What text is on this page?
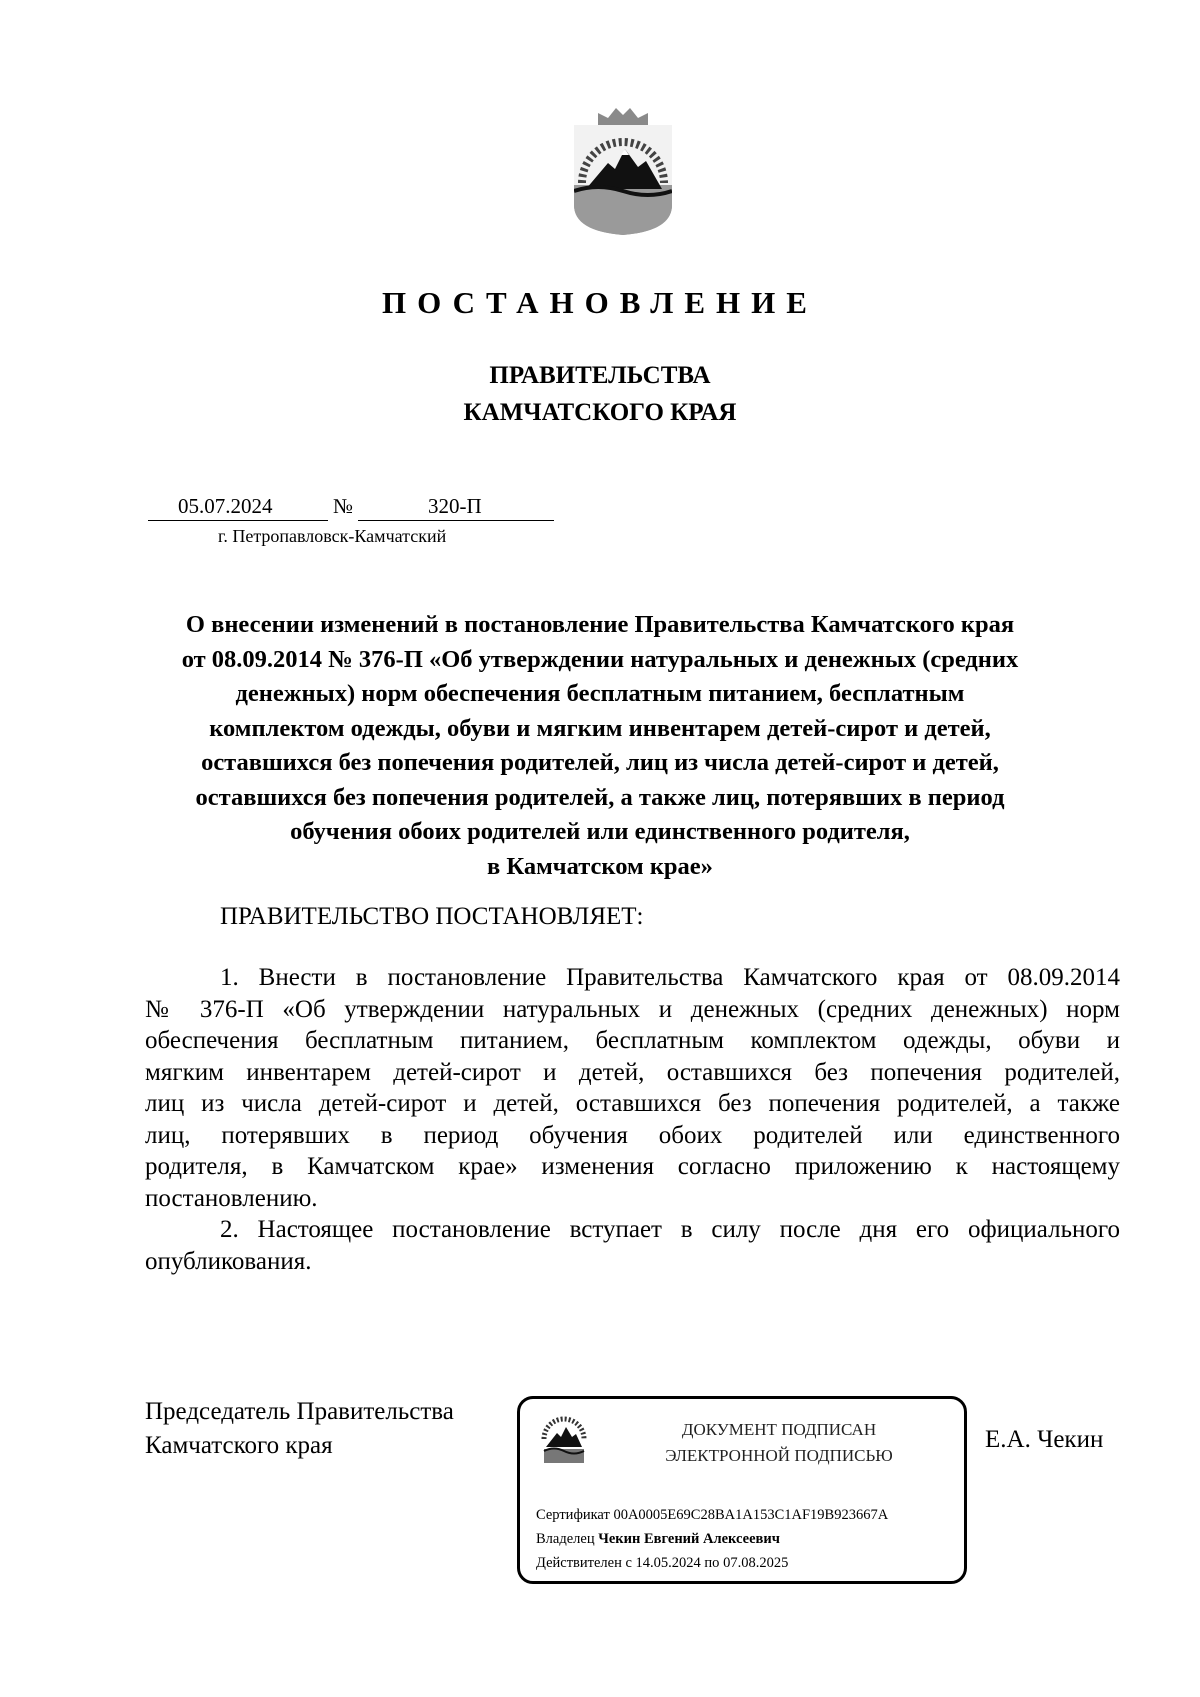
ПОСТАНОВЛЕНИЕ
ПРАВИТЕЛЬСТВА
КАМЧАТСКОГО КРАЯ
05.07.2024	№	320-П
г. Петропавловск-Камчатский
О внесении изменений в постановление Правительства Камчатского края
от 08.09.2014 № 376-П «Об утверждении натуральных и денежных (средних
денежных) норм обеспечения бесплатным питанием, бесплатным
комплектом одежды, обуви и мягким инвентарем детей-сирот и детей,
оставшихся без попечения родителей, лиц из числа детей-сирот и детей,
оставшихся без попечения родителей, а также лиц, потерявших в период
обучения обоих родителей или единственного родителя,
в Камчатском крае»
ПРАВИТЕЛЬСТВО ПОСТАНОВЛЯЕТ:
1. Внести в постановление Правительства Камчатского края от 08.09.2014
№ 376-П «Об утверждении натуральных и денежных (средних денежных) норм
обеспечения бесплатным питанием, бесплатным комплектом одежды, обуви и
мягким инвентарем детей-сирот и детей, оставшихся без попечения родителей,
лиц из числа детей-сирот и детей, оставшихся без попечения родителей, а также
лиц, потерявших в период обучения обоих родителей или единственного
родителя, в Камчатском крае» изменения согласно приложению к настоящему
постановлению.
2. Настоящее постановление вступает в силу после дня его официального
опубликования.
Председатель Правительства
Камчатского края	Е.А. Чекин
ДОКУМЕНТ ПОДПИСАН
ЭЛЕКТРОННОЙ ПОДПИСЬЮ
Сертификат 00A0005E69C28BA1A153C1AF19B923667A
Владелец Чекин Евгений Алексеевич
Действителен с 14.05.2024 по 07.08.2025
